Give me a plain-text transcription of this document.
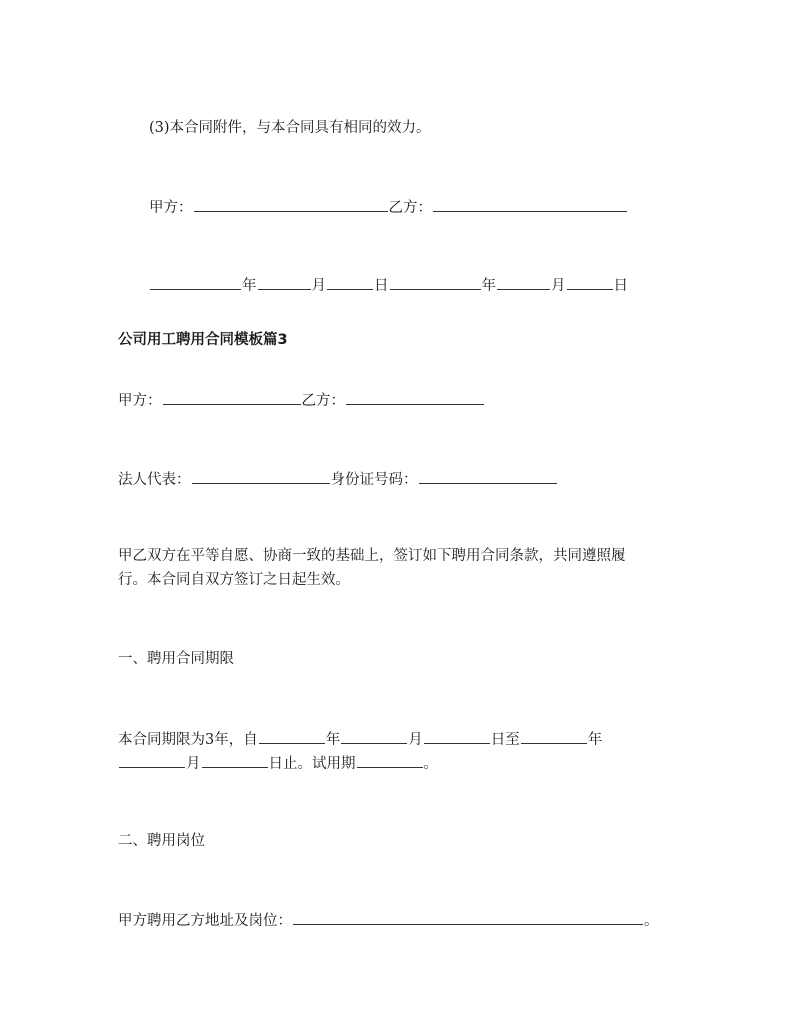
(3)本合同附件，与本合同具有相同的效力。
甲方：	乙方：
年	月	日	年	月	日
公司用工聘用合同模板篇3
甲方：	乙方：
法人代表：	身份证号码：
甲乙双方在平等自愿、协商一致的基础上，签订如下聘用合同条款，共同遵照履
行。本合同自双方签订之日起生效。
一、聘用合同期限
本合同期限为3年，自	年	月	日至	年
月	日止。试用期	。
二、聘用岗位
甲方聘用乙方地址及岗位：	。
